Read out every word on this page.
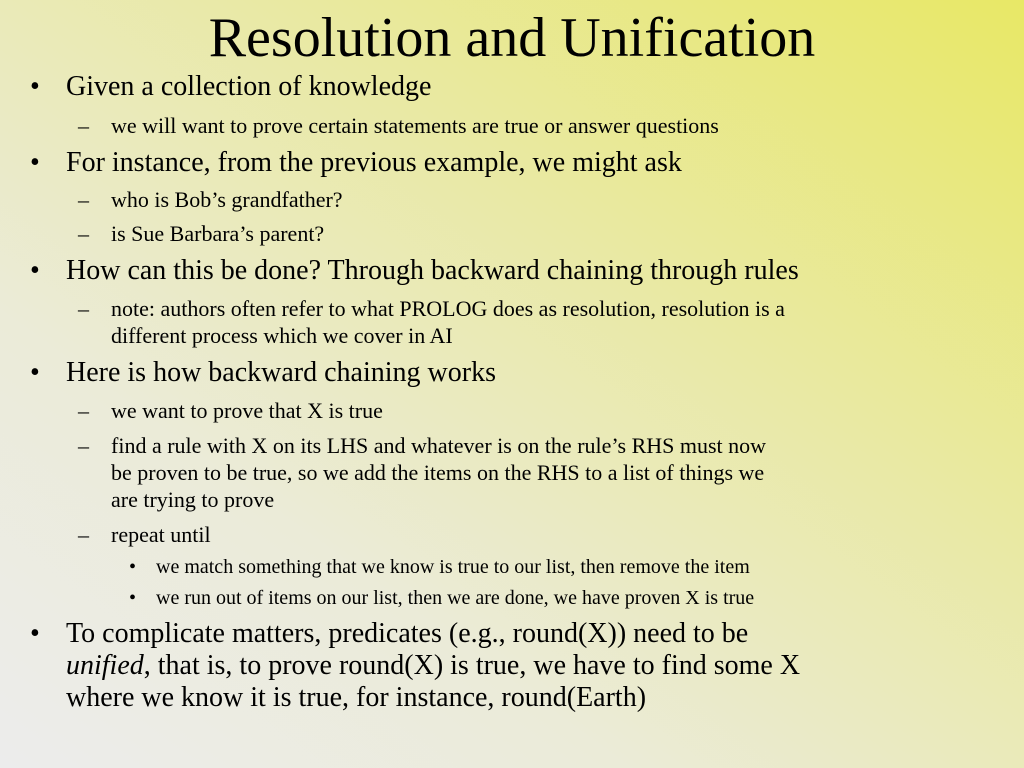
Resolution and Unification
• Given a collection of knowledge
– we will want to prove certain statements are true or answer questions
• For instance, from the previous example, we might ask
– who is Bob’s grandfather?
– is Sue Barbara’s parent?
• How can this be done? Through backward chaining through rules
– note: authors often refer to what PROLOG does as resolution, resolution is a
different process which we cover in AI
• Here is how backward chaining works
– we want to prove that X is true
– find a rule with X on its LHS and whatever is on the rule’s RHS must now
be proven to be true, so we add the items on the RHS to a list of things we
are trying to prove
– repeat until
• we match something that we know is true to our list, then remove the item
• we run out of items on our list, then we are done, we have proven X is true
• To complicate matters, predicates (e.g., round(X)) need to be
unified, that is, to prove round(X) is true, we have to find some X
where we know it is true, for instance, round(Earth)
